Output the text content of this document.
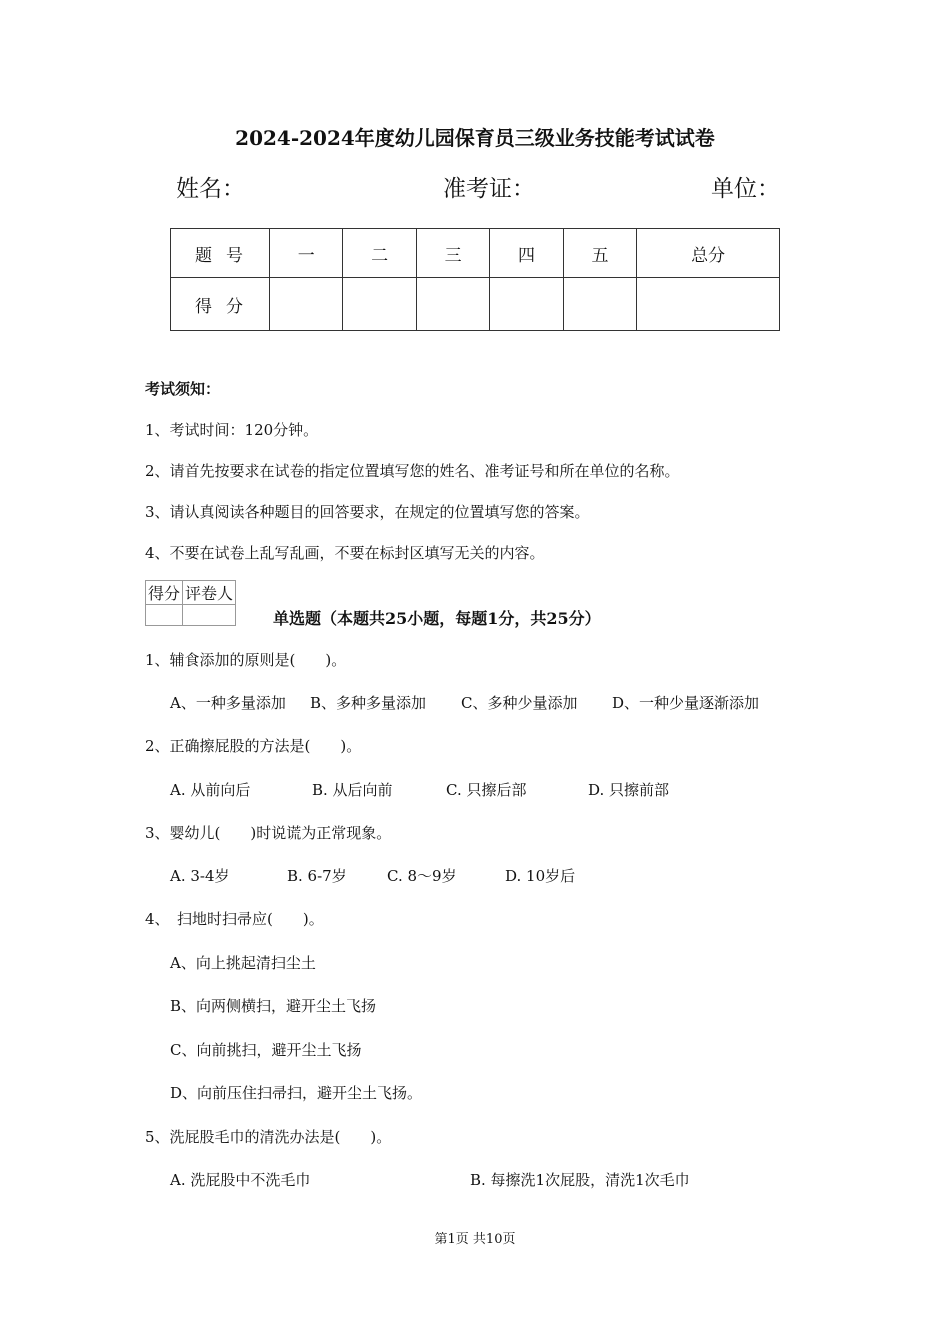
2024-2024年度幼儿园保育员三级业务技能考试试卷
姓名：	准考证：	单位：
题号	一	二	三	四	五	总分
得分						
考试须知：
1、考试时间：120分钟。
2、请首先按要求在试卷的指定位置填写您的姓名、准考证号和所在单位的名称。
3、请认真阅读各种题目的回答要求，在规定的位置填写您的答案。
4、不要在试卷上乱写乱画，不要在标封区填写无关的内容。
得分	评卷人

单选题（本题共25小题，每题1分，共25分）
1、辅食添加的原则是(　　)。
A、一种多量添加 B、多种多量添加 C、多种少量添加 D、一种少量逐渐添加
2、正确擦屁股的方法是(　　)。
A. 从前向后	B. 从后向前	C. 只擦后部	D. 只擦前部
3、婴幼儿(　　)时说谎为正常现象。
A. 3-4岁	B. 6-7岁	C. 8～9岁	D. 10岁后
4、　扫地时扫帚应(　　)。
A、向上挑起清扫尘土
B、向两侧横扫，避开尘土飞扬
C、向前挑扫，避开尘土飞扬
D、向前压住扫帚扫，避开尘土飞扬。
5、洗屁股毛巾的清洗办法是(　　)。
A. 洗屁股中不洗毛巾	B. 每擦洗1次屁股，清洗1次毛巾
第1页 共10页
